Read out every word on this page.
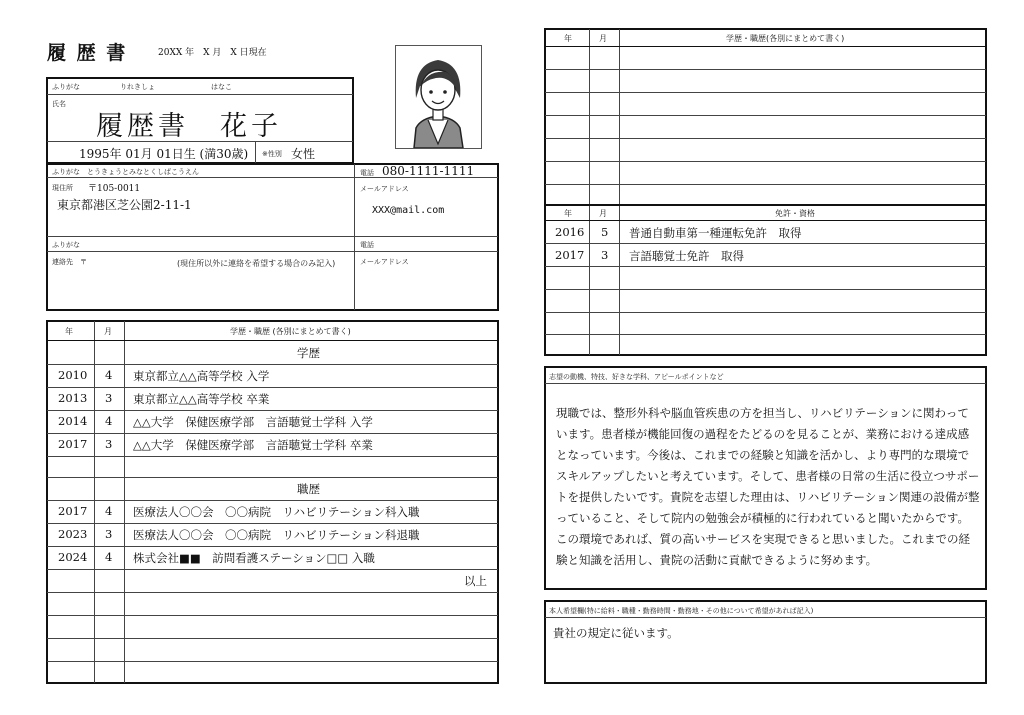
履 歴 書	20XX 年　X 月　X 日現在
ふりがな	りれきしょ　　　　　　　　はなこ
氏名
履歴書　花子
1995年 01月 01日生 (満30歳) ※性別 女性
ふりがな　とうきょうとみなとくしばこうえん
現住所 〒105-0011
東京都港区芝公園2-11-1
電話 080-1111-1111
メールアドレス
XXX@mail.com
ふりがな
連絡先　〒	(現住所以外に連絡を希望する場合のみ記入)
電話
メールアドレス
年	月	学歴・職歴 (各別にまとめて書く)
学歴
2010 4 東京都立△△高等学校 入学
2013 3 東京都立△△高等学校 卒業
2014 4 △△大学　保健医療学部　言語聴覚士学科 入学
2017 3 △△大学　保健医療学部　言語聴覚士学科 卒業
職歴
2017 4 医療法人〇〇会　〇〇病院　リハビリテーション科入職
2023 3 医療法人〇〇会　〇〇病院　リハビリテーション科退職
2024 4 株式会社■■　訪問看護ステーション□□ 入職
以上
年	月	学歴・職歴(各別にまとめて書く)
年	月	免許・資格
2016 5 普通自動車第一種運転免許　取得
2017 3 言語聴覚士免許　取得
志望の動機、特技、好きな学科、アピールポイントなど
現職では、整形外科や脳血管疾患の方を担当し、リハビリテーションに関わっています。患者様が機能回復の過程をたどるのを見ることが、業務における達成感となっています。今後は、これまでの経験と知識を活かし、より専門的な環境でスキルアップしたいと考えています。そして、患者様の日常の生活に役立つサポートを提供したいです。貴院を志望した理由は、リハビリテーション関連の設備が整っていること、そして院内の勉強会が積極的に行われていると聞いたからです。この環境であれば、質の高いサービスを実現できると思いました。これまでの経験と知識を活用し、貴院の活動に貢献できるように努めます。
本人希望欄(特に給料・職種・勤務時間・勤務地・その他について希望があれば記入)
貴社の規定に従います。
